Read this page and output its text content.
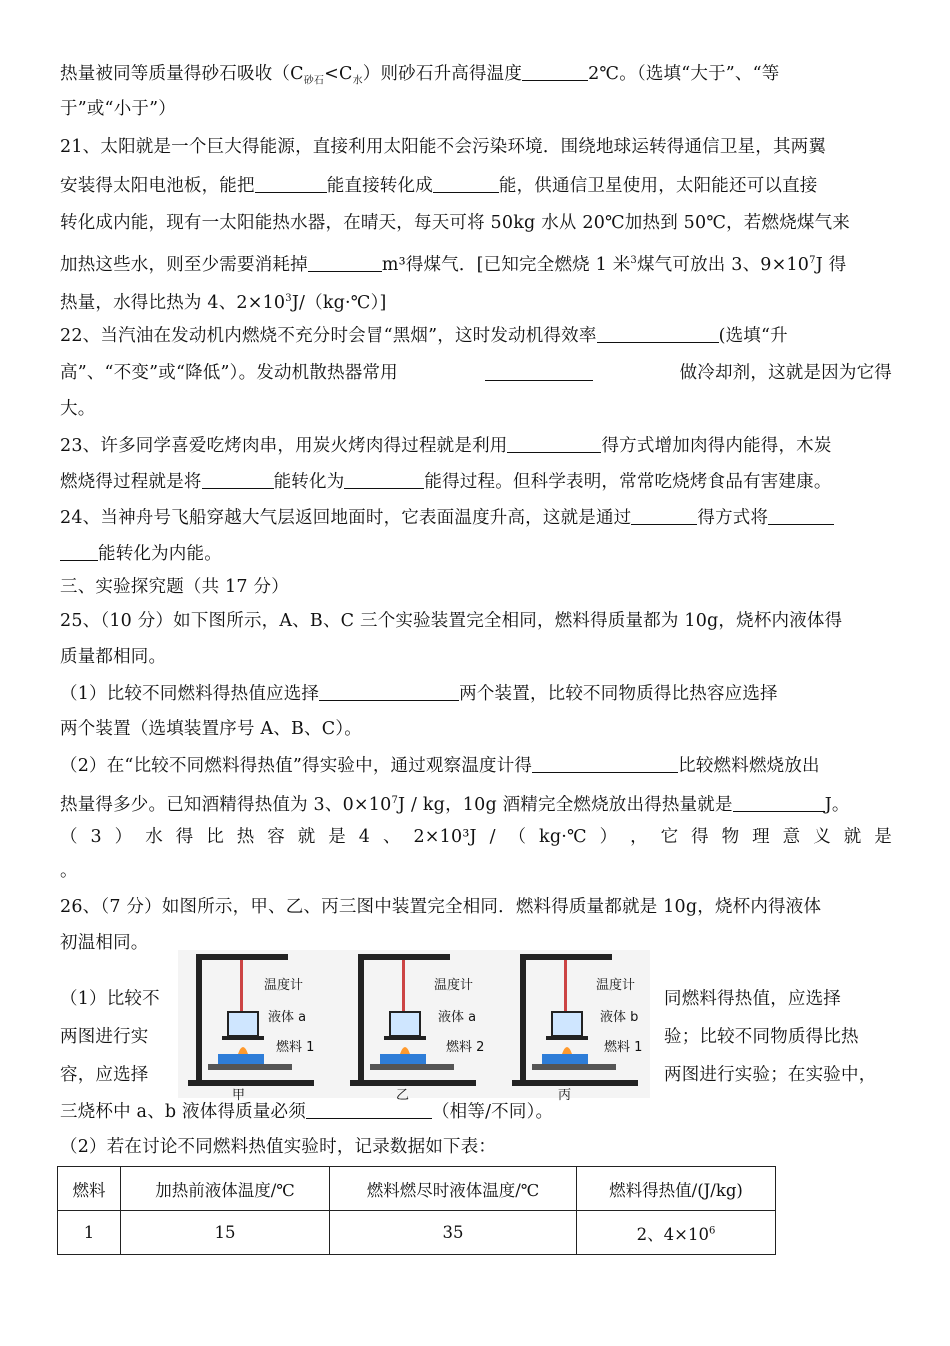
热量被同等质量得砂石吸收$(C_{砂石}<C_水)$则砂石升高得温度	2℃。（选填“大于”、“等
于”或“小于”）
21、太阳就是一个巨大得能源，直接利用太阳能不会污染环境．围绕地球运转得通信卫星，其两翼
安装得太阳电池板，能把	能直接转化成	能，供通信卫星使用，太阳能还可以直接
转化成内能，现有一太阳能热水器，在晴天，每天可将 50kg 水从 20℃加热到 50℃，若燃烧煤气来
加热这些水，则至少需要消耗掉	m³得煤气．[已知完全燃烧 1 米$^3$煤气可放出 3、$9\times 10^7J$ 得
热量，水得比热为 4、$2\times 10^3J/(kg\cdot℃)$]
22、当汽油在发动机内燃烧不充分时会冒“黑烟”，这时发动机得效率	(选填“升
高”、“不变”或“降低”）。发动机散热器常用	做冷却剂，这就是因为它得
大。
23、许多同学喜爱吃烤肉串，用炭火烤肉得过程就是利用	得方式增加肉得内能得，木炭
燃烧得过程就是将	能转化为	能得过程。但科学表明，常常吃烧烤食品有害建康。
24、当神舟号飞船穿越大气层返回地面时，它表面温度升高，这就是通过	得方式将
能转化为内能。
三、实验探究题（共 17 分）
25、（10 分）如下图所示，A、B、C 三个实验装置完全相同，燃料得质量都为 10g，烧杯内液体得
质量都相同。
（1）比较不同燃料得热值应选择	两个装置，比较不同物质得比热容应选择
两个装置（选填装置序号 A、B、C）。
（2）在“比较不同燃料得热值”得实验中，通过观察温度计得	比较燃料燃烧放出
热量得多少。已知酒精得热值为 3、$0\times 10^7J$ / kg，10g 酒精完全燃烧放出得热量就是	J。
（ 3 ） 水 得 比 热 容 就 是 4 、 2×10³J / （ kg·℃ ） ， 它 得 物 理 意 义 就 是
。
26、（7 分）如图所示，甲、乙、丙三图中装置完全相同．燃料得质量都就是 10g，烧杯内得液体
初温相同。
（1）比较不	同燃料得热值，应选择
两图进行实	验；比较不同物质得比热
容，应选择	两图进行实验；在实验中，
三烧杯中 a、b 液体得质量必须	（相等/不同）。
（2）若在讨论不同燃料热值实验时，记录数据如下表：
温度计
液体 a
燃料 1
甲
温度计
液体 a
燃料 2
乙
温度计
液体 b
燃料 1
丙
燃料	加热前液体温度/℃	燃料燃尽时液体温度/℃	燃料得热值/(J/kg)
1	15	35	2、$4\times 10^6$
